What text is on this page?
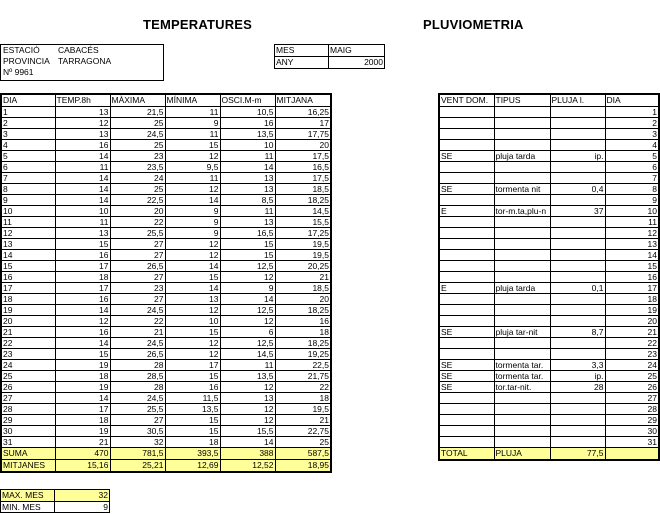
TEMPERATURES	PLUVIOMETRIA
ESTACIÓ CABACÉS
PROVINCIA TARRAGONA
Nº 9961
MES	MAIG
ANY	2000
DIA	TEMP.8h	MÀXIMA	MÍNIMA	OSCI.M-m	MITJANA
1	13	21,5	11	10,5	16,25
2	12	25	9	16	17
3	13	24,5	11	13,5	17,75
4	16	25	15	10	20
5	14	23	12	11	17,5
6	11	23,5	9,5	14	16,5
7	14	24	11	13	17,5
8	14	25	12	13	18,5
9	14	22,5	14	8,5	18,25
10	10	20	9	11	14,5
11	11	22	9	13	15,5
12	13	25,5	9	16,5	17,25
13	15	27	12	15	19,5
14	16	27	12	15	19,5
15	17	26,5	14	12,5	20,25
16	18	27	15	12	21
17	17	23	14	9	18,5
18	16	27	13	14	20
19	14	24,5	12	12,5	18,25
20	12	22	10	12	16
21	16	21	15	6	18
22	14	24,5	12	12,5	18,25
23	15	26,5	12	14,5	19,25
24	19	28	17	11	22,5
25	18	28,5	15	13,5	21,75
26	19	28	16	12	22
27	14	24,5	11,5	13	18
28	17	25,5	13,5	12	19,5
29	18	27	15	12	21
30	19	30,5	15	15,5	22,75
31	21	32	18	14	25
SUMA	470	781,5	393,5	388	587,5
MITJANES	15,16	25,21	12,69	12,52	18,95
MAX. MES	32
MIN. MES	9
VENT DOM.	TIPUS	PLUJA l.	DIA
			1
			2
			3
			4
SE	pluja tarda	ip.	5
			6
			7
SE	tormenta nit	0,4	8
			9
E	tor-m.ta,plu-n	37	10
			11
			12
			13
			14
			15
			16
E	pluja tarda	0,1	17
			18
			19
			20
SE	pluja tar-nit	8,7	21
			22
			23
SE	tormenta tar.	3,3	24
SE	tormenta tar.	ip.	25
SE	tor.tar-nit.	28	26
			27
			28
			29
			30
			31
TOTAL	PLUJA	77,5	
